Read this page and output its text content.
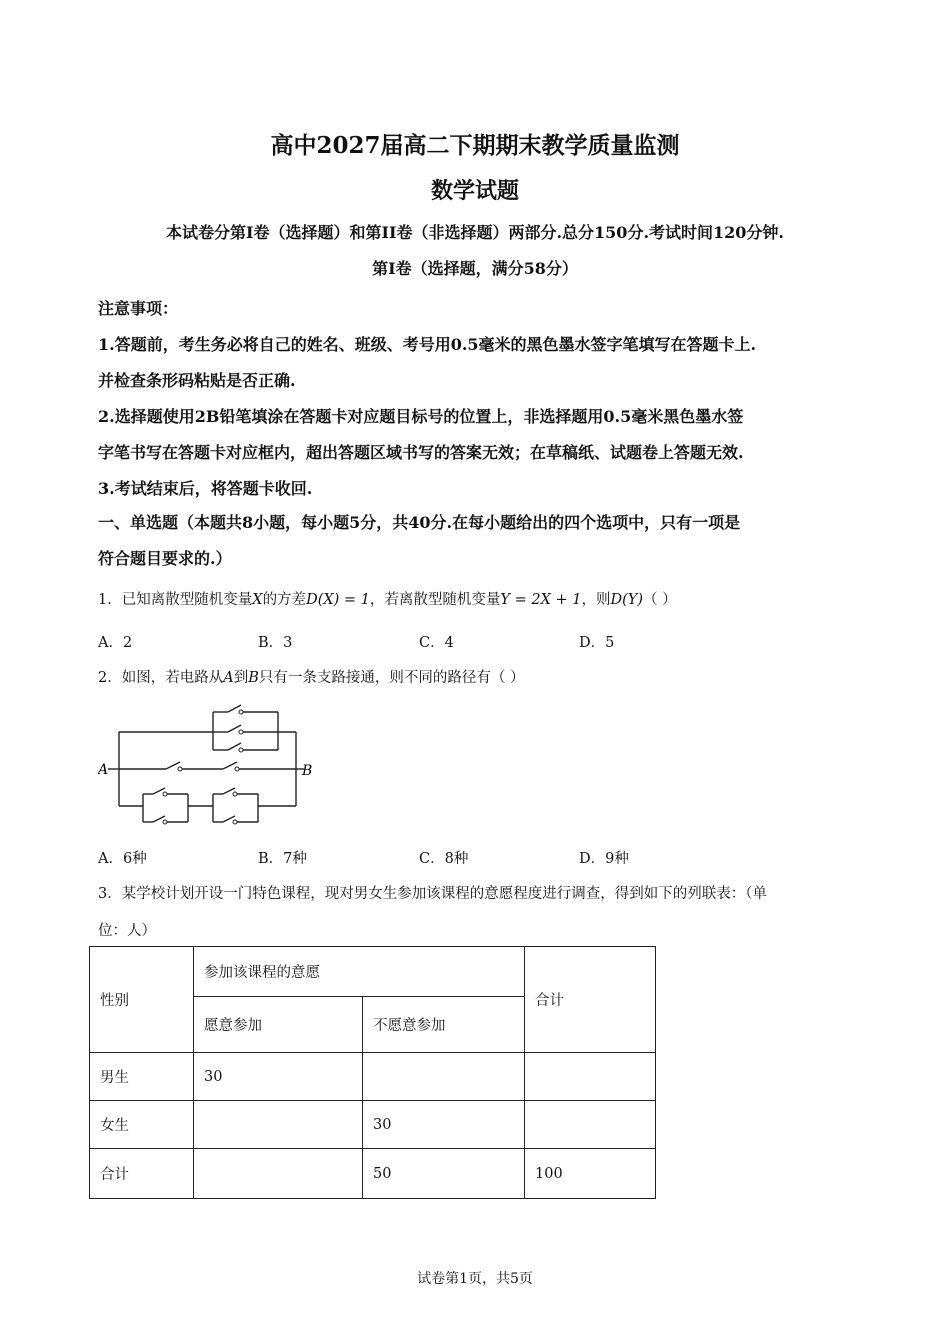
高中2027届高二下期期末教学质量监测
数学试题
本试卷分第I卷（选择题）和第II卷（非选择题）两部分.总分150分.考试时间120分钟.
第I卷（选择题，满分58分）
注意事项：
1.答题前，考生务必将自己的姓名、班级、考号用0.5毫米的黑色墨水签字笔填写在答题卡上.
并检查条形码粘贴是否正确.
2.选择题使用2B铅笔填涂在答题卡对应题目标号的位置上，非选择题用0.5毫米黑色墨水签
字笔书写在答题卡对应框内，超出答题区域书写的答案无效；在草稿纸、试题卷上答题无效.
3.考试结束后，将答题卡收回.
一、单选题（本题共8小题，每小题5分，共40分.在每小题给出的四个选项中，只有一项是
符合题目要求的.）
1．已知离散型随机变量X的方差D(X) = 1，若离散型随机变量Y = 2X + 1，则D(Y)（ ）
A．2	B．3	C．4	D．5
2．如图，若电路从A到B只有一条支路接通，则不同的路径有（ ）
A	B
A．6种	B．7种	C．8种	D．9种
3．某学校计划开设一门特色课程，现对男女生参加该课程的意愿程度进行调查，得到如下的列联表：（单
位：人）
性别	参加该课程的意愿		合计
	愿意参加	不愿意参加	
男生	30		
女生		30	
合计		50	100
试卷第1页，共5页
